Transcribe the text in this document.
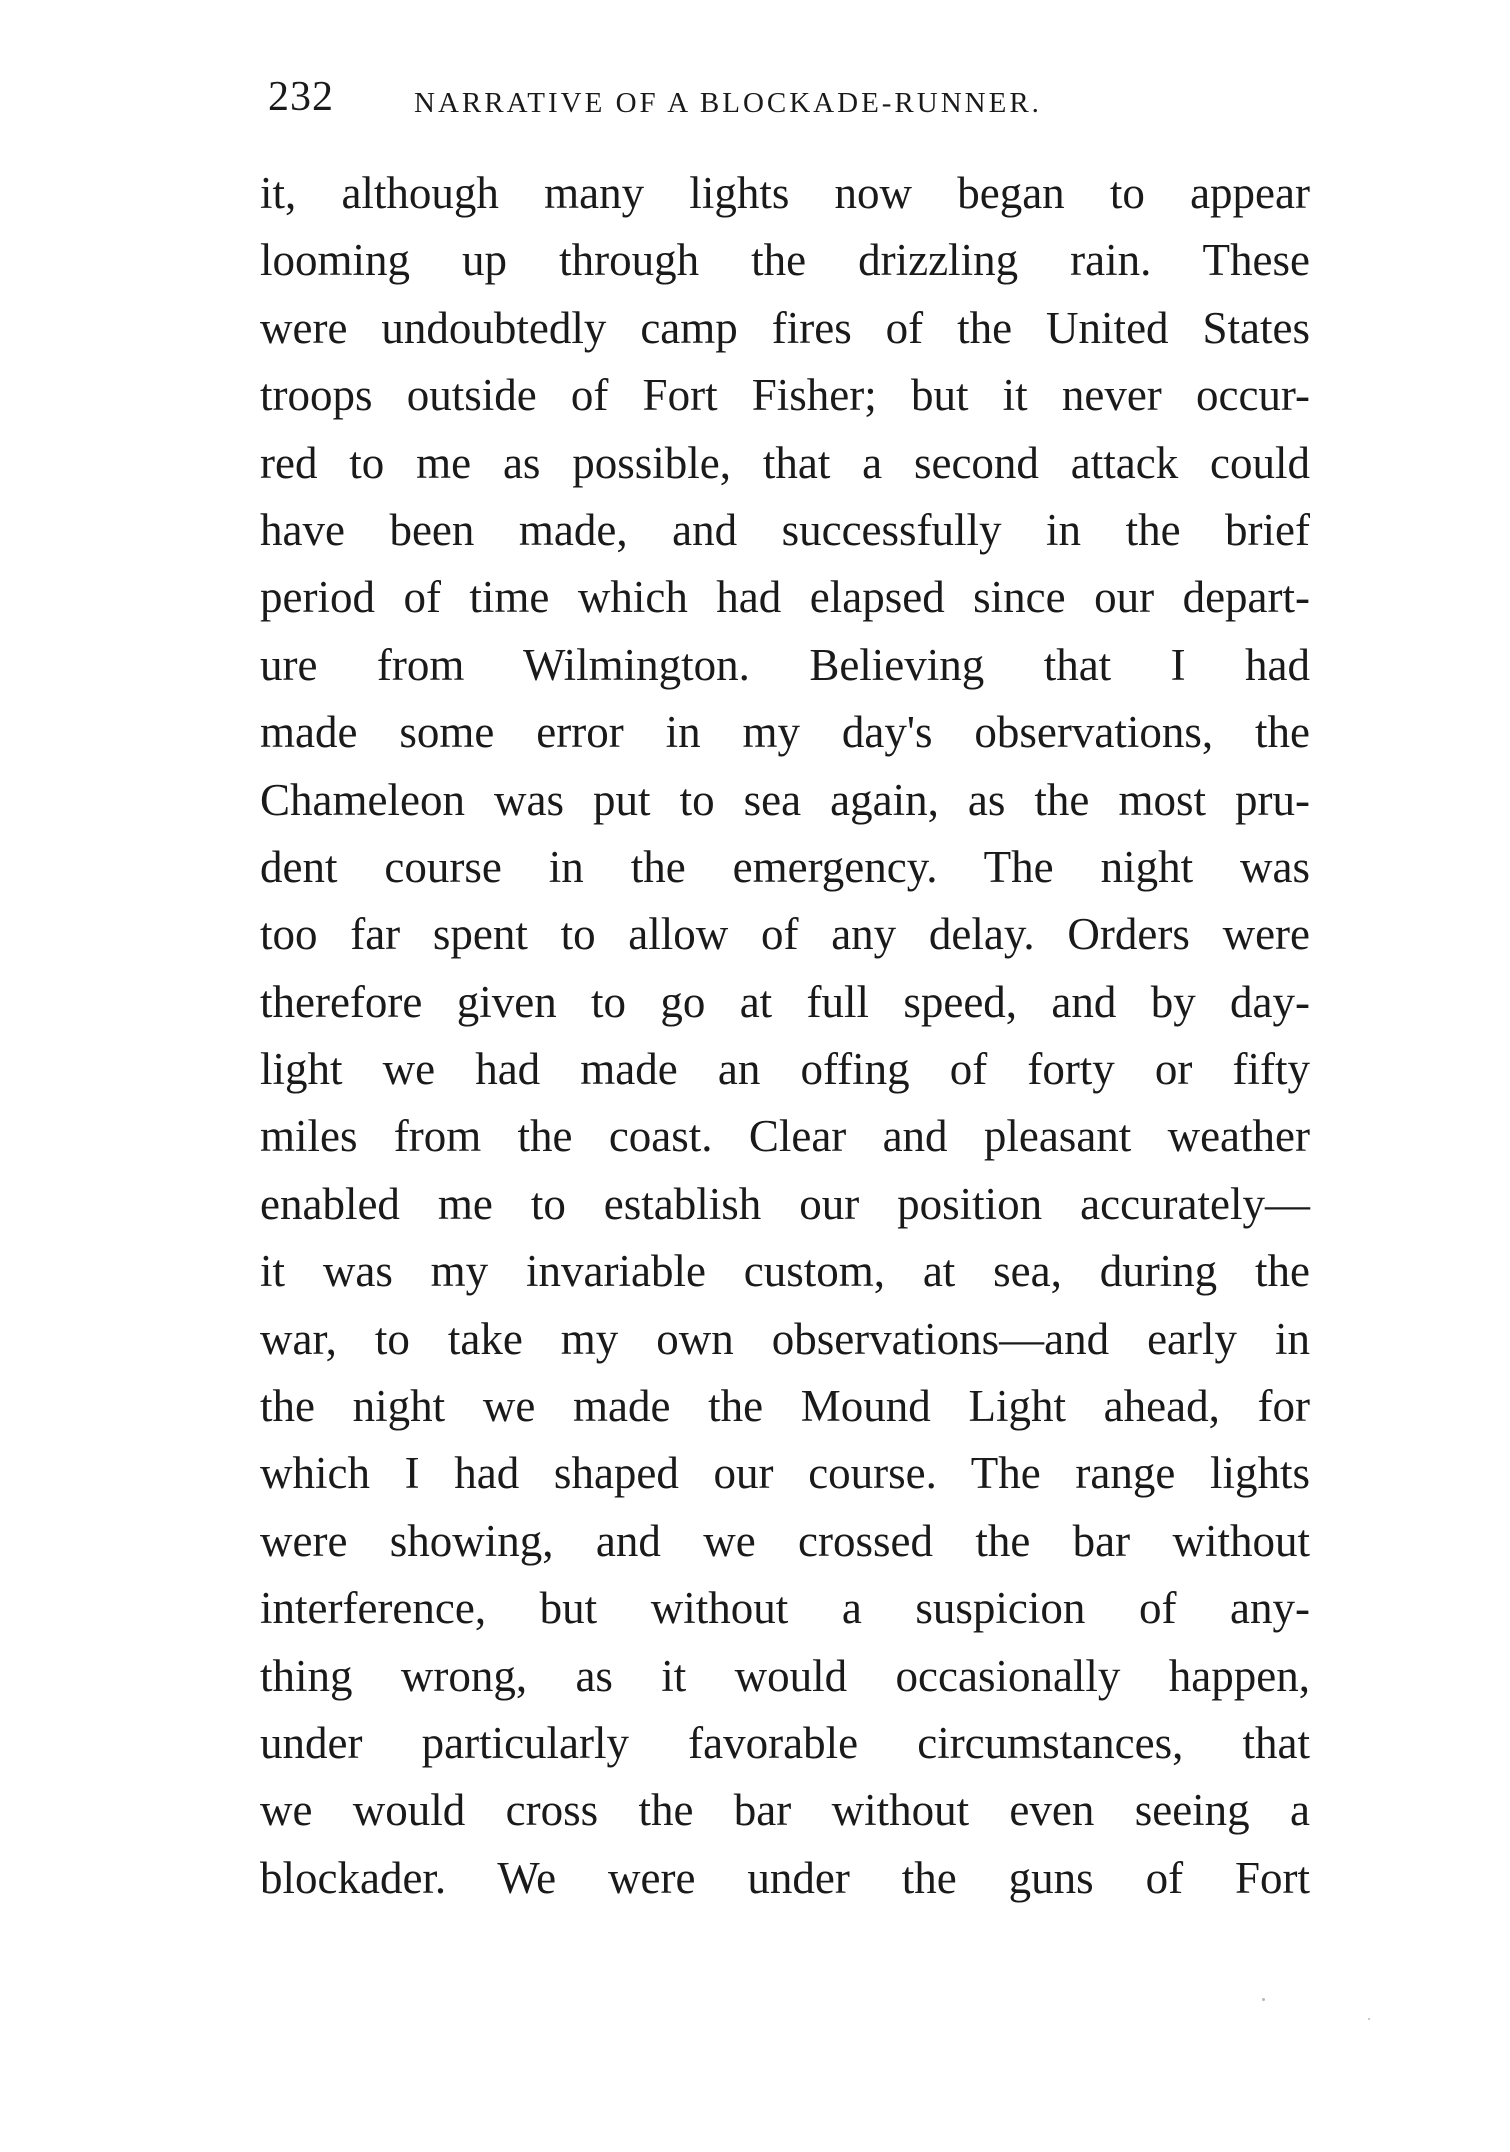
232	NARRATIVE OF A BLOCKADE-RUNNER.
it, although many lights now began to appear
looming up through the drizzling rain. These
were undoubtedly camp fires of the United States
troops outside of Fort Fisher; but it never occur-
red to me as possible, that a second attack could
have been made, and successfully in the brief
period of time which had elapsed since our depart-
ure from Wilmington. Believing that I had
made some error in my day's observations, the
Chameleon was put to sea again, as the most pru-
dent course in the emergency. The night was
too far spent to allow of any delay. Orders were
therefore given to go at full speed, and by day-
light we had made an offing of forty or fifty
miles from the coast. Clear and pleasant weather
enabled me to establish our position accurately—
it was my invariable custom, at sea, during the
war, to take my own observations—and early in
the night we made the Mound Light ahead, for
which I had shaped our course. The range lights
were showing, and we crossed the bar without
interference, but without a suspicion of any-
thing wrong, as it would occasionally happen,
under particularly favorable circumstances, that
we would cross the bar without even seeing a
blockader. We were under the guns of Fort
